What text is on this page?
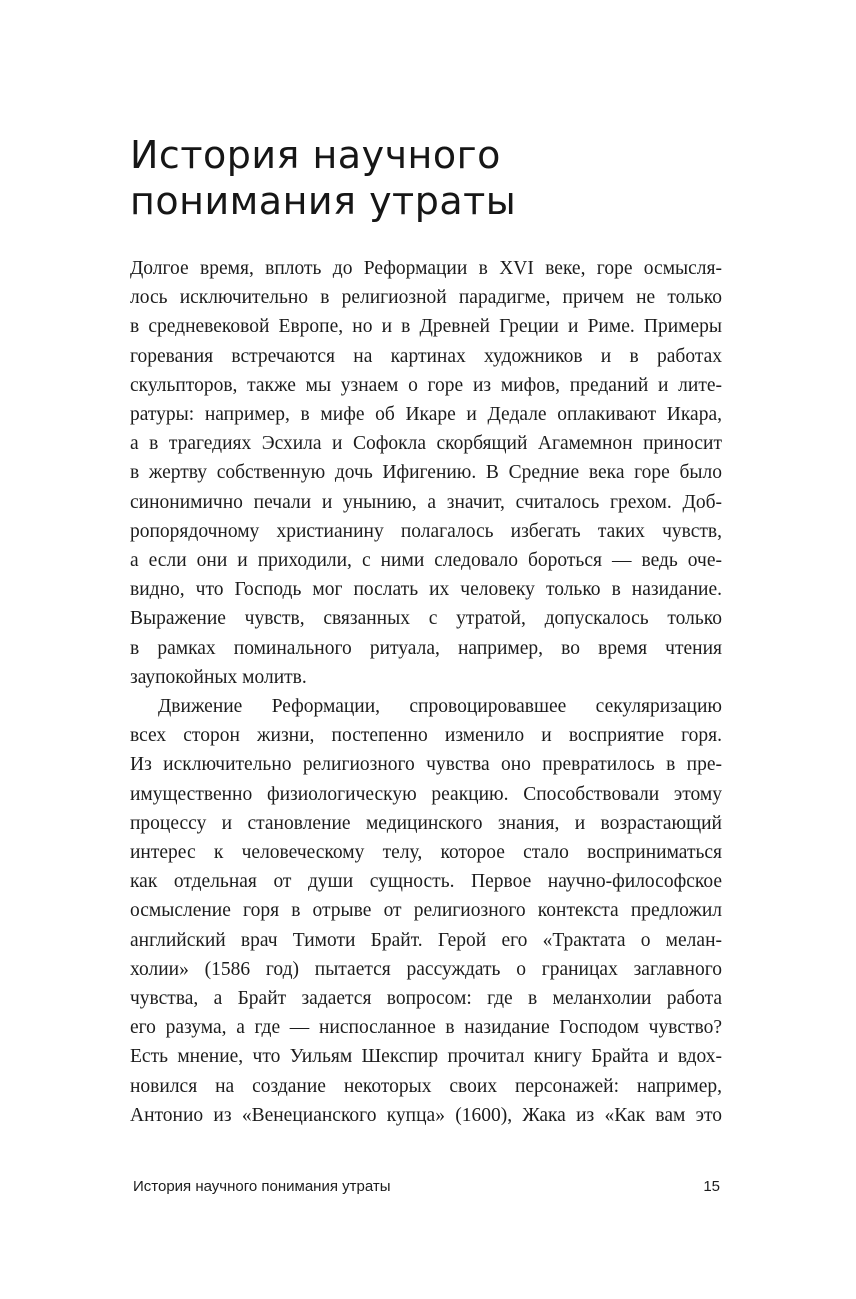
История научного
понимания утраты
Долгое время, вплоть до Реформации в XVI веке, горе осмысля-
лось исключительно в религиозной парадигме, причем не только
в средневековой Европе, но и в Древней Греции и Риме. Примеры
горевания встречаются на картинах художников и в работах
скульпторов, также мы узнаем о горе из мифов, преданий и лите-
ратуры: например, в мифе об Икаре и Дедале оплакивают Икара,
а в трагедиях Эсхила и Софокла скорбящий Агамемнон приносит
в жертву собственную дочь Ифигению. В Средние века горе было
синонимично печали и унынию, а значит, считалось грехом. Доб-
ропорядочному христианину полагалось избегать таких чувств,
а если они и приходили, с ними следовало бороться — ведь оче-
видно, что Господь мог послать их человеку только в назидание.
Выражение чувств, связанных с утратой, допускалось только
в рамках поминального ритуала, например, во время чтения
заупокойных молитв.
Движение Реформации, спровоцировавшее секуляризацию
всех сторон жизни, постепенно изменило и восприятие горя.
Из исключительно религиозного чувства оно превратилось в пре-
имущественно физиологическую реакцию. Способствовали этому
процессу и становление медицинского знания, и возрастающий
интерес к человеческому телу, которое стало восприниматься
как отдельная от души сущность. Первое научно-философское
осмысление горя в отрыве от религиозного контекста предложил
английский врач Тимоти Брайт. Герой его «Трактата о мелан-
холии» (1586 год) пытается рассуждать о границах заглавного
чувства, а Брайт задается вопросом: где в меланхолии работа
его разума, а где — ниспосланное в назидание Господом чувство?
Есть мнение, что Уильям Шекспир прочитал книгу Брайта и вдох-
новился на создание некоторых своих персонажей: например,
Антонио из «Венецианского купца» (1600), Жака из «Как вам это
История научного понимания утраты	15
